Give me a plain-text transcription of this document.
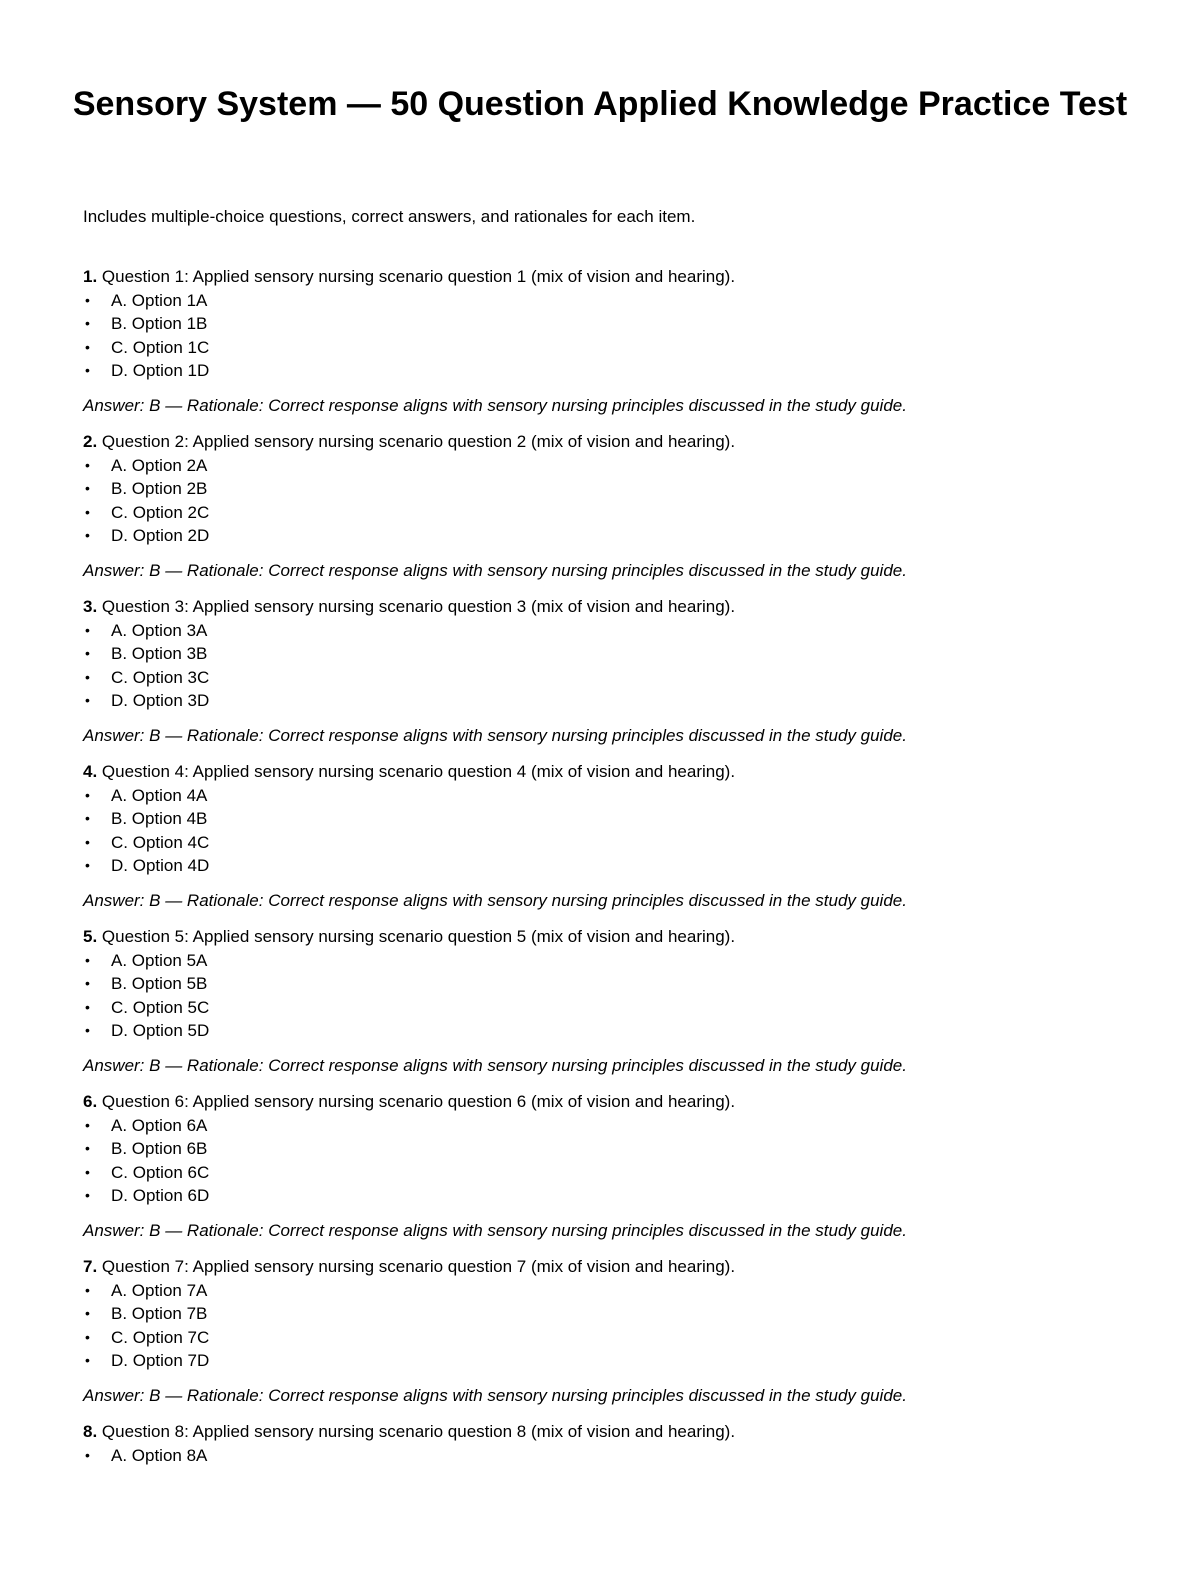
Sensory System — 50 Question Applied Knowledge Practice Test

Includes multiple-choice questions, correct answers, and rationales for each item.

1. Question 1: Applied sensory nursing scenario question 1 (mix of vision and hearing).

• A. Option 1A
• B. Option 1B
• C. Option 1C
• D. Option 1D

Answer: B — Rationale: Correct response aligns with sensory nursing principles discussed in the study guide.

2. Question 2: Applied sensory nursing scenario question 2 (mix of vision and hearing).

• A. Option 2A
• B. Option 2B
• C. Option 2C
• D. Option 2D

Answer: B — Rationale: Correct response aligns with sensory nursing principles discussed in the study guide.

3. Question 3: Applied sensory nursing scenario question 3 (mix of vision and hearing).

• A. Option 3A
• B. Option 3B
• C. Option 3C
• D. Option 3D

Answer: B — Rationale: Correct response aligns with sensory nursing principles discussed in the study guide.

4. Question 4: Applied sensory nursing scenario question 4 (mix of vision and hearing).

• A. Option 4A
• B. Option 4B
• C. Option 4C
• D. Option 4D

Answer: B — Rationale: Correct response aligns with sensory nursing principles discussed in the study guide.

5. Question 5: Applied sensory nursing scenario question 5 (mix of vision and hearing).

• A. Option 5A
• B. Option 5B
• C. Option 5C
• D. Option 5D

Answer: B — Rationale: Correct response aligns with sensory nursing principles discussed in the study guide.

6. Question 6: Applied sensory nursing scenario question 6 (mix of vision and hearing).

• A. Option 6A
• B. Option 6B
• C. Option 6C
• D. Option 6D

Answer: B — Rationale: Correct response aligns with sensory nursing principles discussed in the study guide.

7. Question 7: Applied sensory nursing scenario question 7 (mix of vision and hearing).

• A. Option 7A
• B. Option 7B
• C. Option 7C
• D. Option 7D

Answer: B — Rationale: Correct response aligns with sensory nursing principles discussed in the study guide.

8. Question 8: Applied sensory nursing scenario question 8 (mix of vision and hearing).

• A. Option 8A
